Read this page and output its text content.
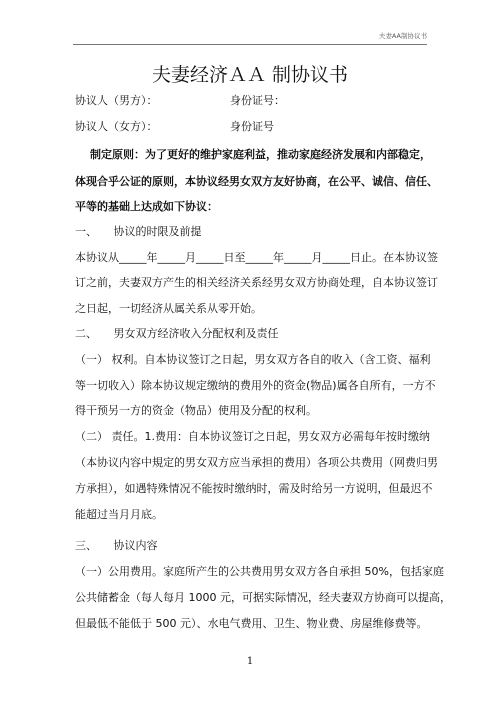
夫妻AA制协议书
夫妻经济ＡＡ 制协议书
协议人（男方）：	身份证号：
协议人（女方）：	身份证号
制定原则：为了更好的维护家庭利益，推动家庭经济发展和内部稳定，
体现合乎公证的原则，本协议经男女双方友好协商，在公平、诚信、信任、
平等的基础上达成如下协议：
一、　　协议的时限及前提
本协议从_____年_____月_____日至_____年_____月_____日止。在本协议签
订之前，夫妻双方产生的相关经济关系经男女双方协商处理，自本协议签订
之日起，一切经济从属关系从零开始。
二、　　男女双方经济收入分配权利及责任
（一） 权利。自本协议签订之日起，男女双方各自的收入（含工资、福利
等一切收入）除本协议规定缴纳的费用外的资金(物品)属各自所有，一方不
得干预另一方的资金（物品）使用及分配的权利。
（二） 责任。1.费用：自本协议签订之日起，男女双方必需每年按时缴纳
（本协议内容中規定的男女双方应当承担的费用）各项公共费用（网费归男
方承担），如遇特殊情况不能按时缴纳时，需及时给另一方说明，但最迟不
能超过当月月底。
三、　　协议内容
（一）公用费用。家庭所产生的公共费用男女双方各自承担 50%，包括家庭
公共储蓄金（每人每月 1000 元，可据实际情况，经夫妻双方协商可以提高，
但最低不能低于 500 元）、水电气费用、卫生、物业费、房屋维修费等。
1
